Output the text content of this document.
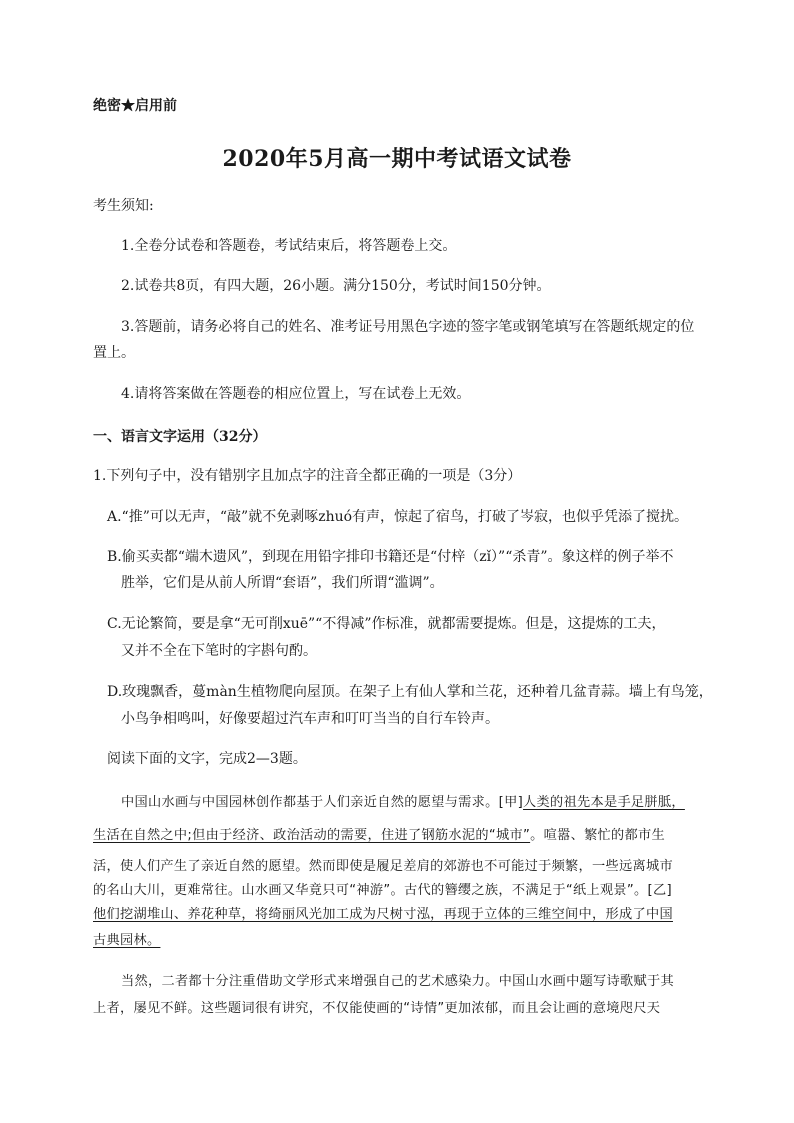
绝密★启用前
2020年5月高一期中考试语文试卷
考生须知:
1.全卷分试卷和答题卷，考试结束后，将答题卷上交。
2.试卷共8页，有四大题，26小题。满分150分，考试时间150分钟。
3.答题前，请务必将自己的姓名、准考证号用黑色字迹的签字笔或钢笔填写在答题纸规定的位
置上。
4.请将答案做在答题卷的相应位置上，写在试卷上无效。
一、语言文字运用（32分）
1.下列句子中，没有错别字且加点字的注音全都正确的一项是（3分）
A.“推”可以无声，“敲”就不免剥啄zhuó有声，惊起了宿鸟，打破了岑寂，也似乎凭添了搅扰。
B.偷买卖都“端木遗风”，到现在用铅字排印书籍还是“付梓（zǐ）”“杀青”。象这样的例子举不
胜举，它们是从前人所谓“套语”，我们所谓“滥调”。
C.无论繁简，要是拿“无可削xuē”“不得减”作标准，就都需要提炼。但是，这提炼的工夫，
又并不全在下笔时的字斟句酌。
D.玫瑰飘香，蔓màn生植物爬向屋顶。在架子上有仙人掌和兰花，还种着几盆青蒜。墙上有鸟笼，
小鸟争相鸣叫，好像要超过汽车声和叮叮当当的自行车铃声。
阅读下面的文字，完成2—3题。
中国山水画与中国园林创作都基于人们亲近自然的愿望与需求。[甲]人类的祖先本是手足胼胝，
生活在自然之中;但由于经济、政治活动的需要，住进了钢筋水泥的“城市”。喧嚣、繁忙的都市生
活，使人们产生了亲近自然的愿望。然而即使是履足差肩的郊游也不可能过于频繁，一些远离城市
的名山大川，更难常往。山水画又华竟只可“神游”。古代的簪缨之族，不满足于“纸上观景”。[乙]
他们挖湖堆山、养花种草，将绮丽风光加工成为尺树寸泓，再现于立体的三维空间中，形成了中国
古典园林。
当然，二者都十分注重借助文学形式来增强自己的艺术感染力。中国山水画中题写诗歌赋于其
上者，屡见不鲜。这些题词很有讲究，不仅能使画的“诗情”更加浓郁，而且会让画的意境咫尺天
